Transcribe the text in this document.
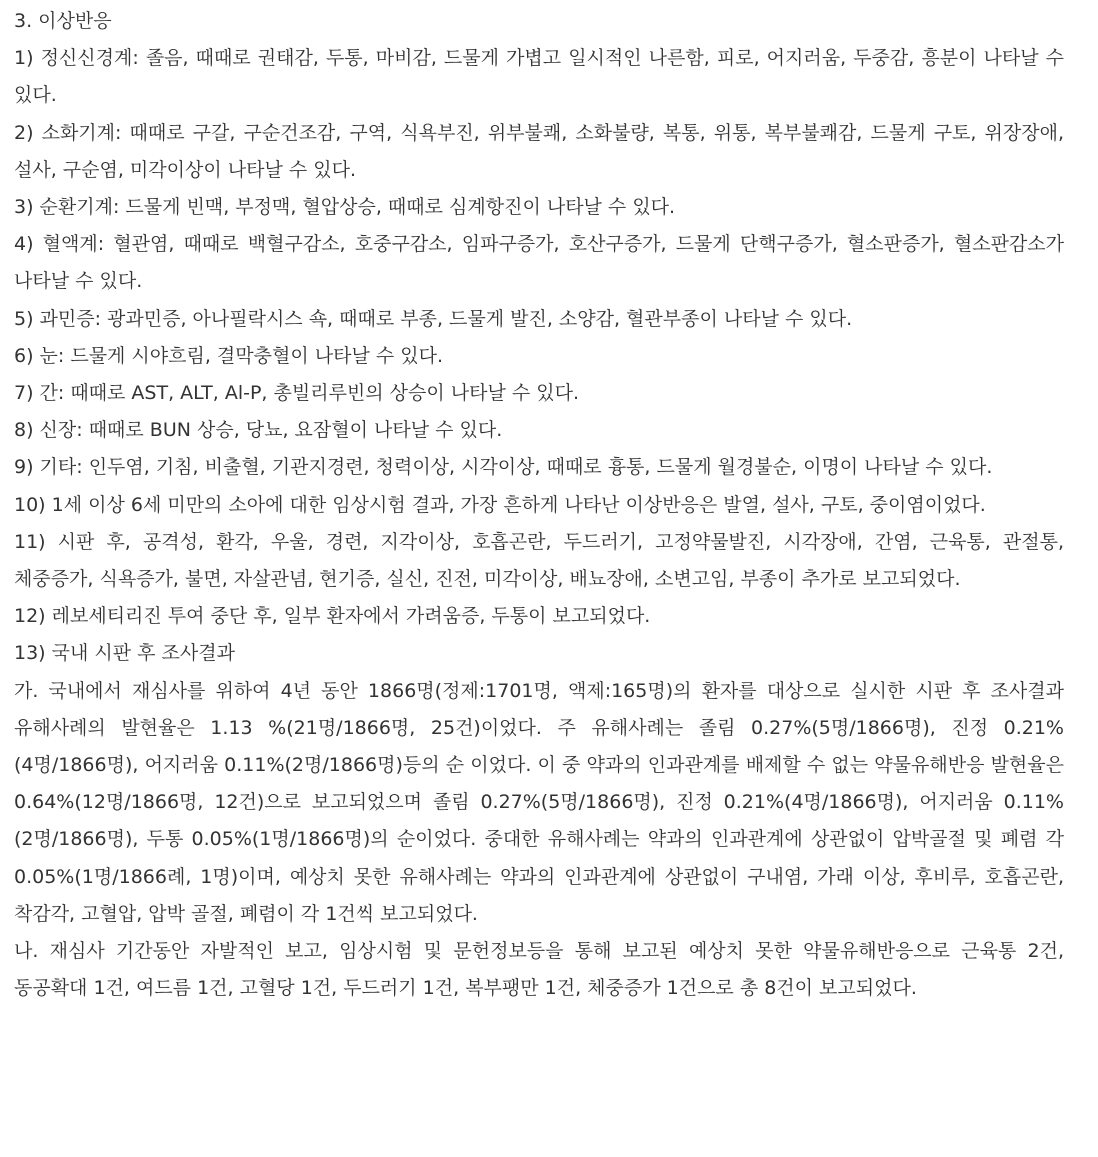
3. 이상반응

1) 정신신경계: 졸음, 때때로 권태감, 두통, 마비감, 드물게 가볍고 일시적인 나른함, 피로, 어지러움, 두중감, 흥분이 나타날 수 있다.

2) 소화기계: 때때로 구갈, 구순건조감, 구역, 식욕부진, 위부불쾌, 소화불량, 복통, 위통, 복부불쾌감, 드물게 구토, 위장장애, 설사, 구순염, 미각이상이 나타날 수 있다.

3) 순환기계: 드물게 빈맥, 부정맥, 혈압상승, 때때로 심계항진이 나타날 수 있다.

4) 혈액계: 혈관염, 때때로 백혈구감소, 호중구감소, 임파구증가, 호산구증가, 드물게 단핵구증가, 혈소판증가, 혈소판감소가 나타날 수 있다.

5) 과민증: 광과민증, 아나필락시스 쇽, 때때로 부종, 드물게 발진, 소양감, 혈관부종이 나타날 수 있다.

6) 눈: 드물게 시야흐림, 결막충혈이 나타날 수 있다.

7) 간: 때때로 AST, ALT, Al-P, 총빌리루빈의 상승이 나타날 수 있다.

8) 신장: 때때로 BUN 상승, 당뇨, 요잠혈이 나타날 수 있다.

9) 기타: 인두염, 기침, 비출혈, 기관지경련, 청력이상, 시각이상, 때때로 흉통, 드물게 월경불순, 이명이 나타날 수 있다.

10) 1세 이상 6세 미만의 소아에 대한 임상시험 결과, 가장 흔하게 나타난 이상반응은 발열, 설사, 구토, 중이염이었다.

11) 시판 후, 공격성, 환각, 우울, 경련, 지각이상, 호흡곤란, 두드러기, 고정약물발진, 시각장애, 간염, 근육통, 관절통, 체중증가, 식욕증가, 불면, 자살관념, 현기증, 실신, 진전, 미각이상, 배뇨장애, 소변고임, 부종이 추가로 보고되었다.

12) 레보세티리진 투여 중단 후, 일부 환자에서 가려움증, 두통이 보고되었다.

13) 국내 시판 후 조사결과

가. 국내에서 재심사를 위하여 4년 동안 1866명(정제:1701명, 액제:165명)의 환자를 대상으로 실시한 시판 후 조사결과 유해사례의 발현율은 1.13 %(21명/1866명, 25건)이었다. 주 유해사례는 졸림 0.27%(5명/1866명), 진정 0.21%(4명/1866명), 어지러움 0.11%(2명/1866명)등의 순 이었다. 이 중 약과의 인과관계를 배제할 수 없는 약물유해반응 발현율은 0.64%(12명/1866명, 12건)으로 보고되었으며 졸림 0.27%(5명/1866명), 진정 0.21%(4명/1866명), 어지러움 0.11%(2명/1866명), 두통 0.05%(1명/1866명)의 순이었다. 중대한 유해사례는 약과의 인과관계에 상관없이 압박골절 및 폐렴 각 0.05%(1명/1866례, 1명)이며, 예상치 못한 유해사례는 약과의 인과관계에 상관없이 구내염, 가래 이상, 후비루, 호흡곤란, 착감각, 고혈압, 압박 골절, 폐렴이 각 1건씩 보고되었다.

나. 재심사 기간동안 자발적인 보고, 임상시험 및 문헌정보등을 통해 보고된 예상치 못한 약물유해반응으로 근육통 2건, 동공확대 1건, 여드름 1건, 고혈당 1건, 두드러기 1건, 복부팽만 1건, 체중증가 1건으로 총 8건이 보고되었다.
